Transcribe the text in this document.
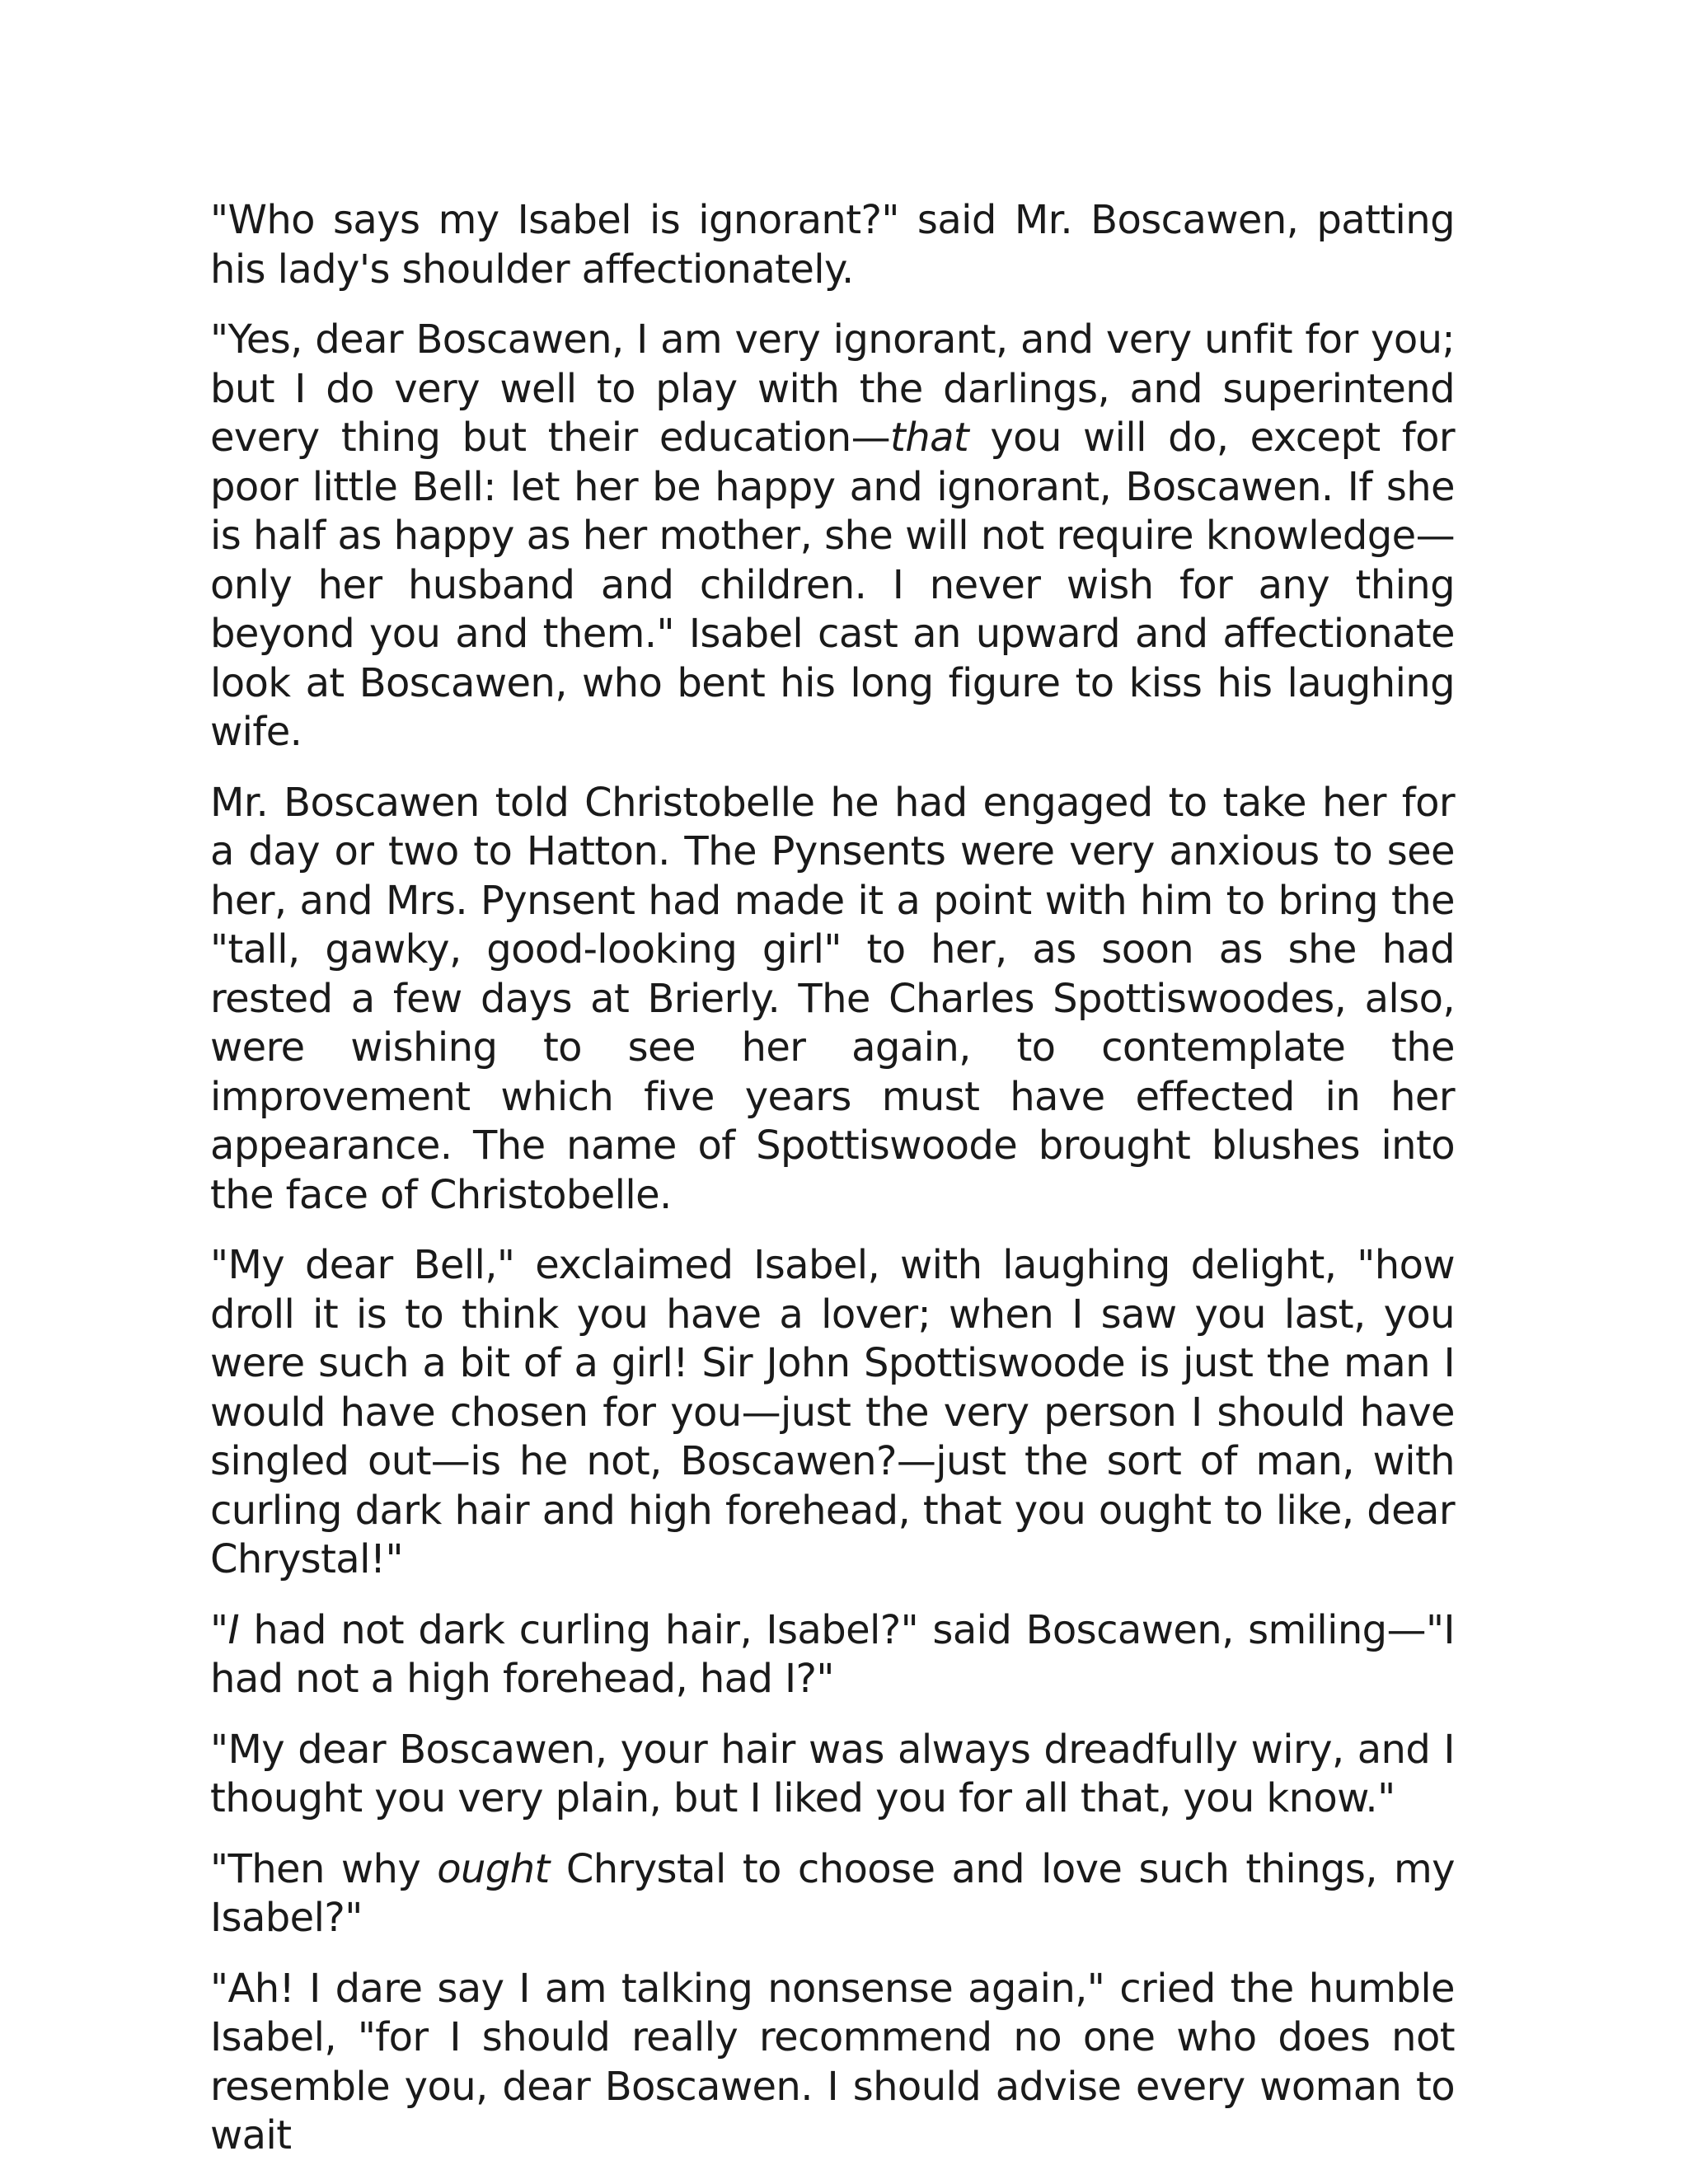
"Who says my Isabel is ignorant?" said Mr. Boscawen, patting his lady's shoulder affectionately.

"Yes, dear Boscawen, I am very ignorant, and very unfit for you; but I do very well to play with the darlings, and superintend every thing but their education—that you will do, except for poor little Bell: let her be happy and ignorant, Boscawen. If she is half as happy as her mother, she will not require knowledge—only her husband and children. I never wish for any thing beyond you and them." Isabel cast an upward and affectionate look at Boscawen, who bent his long figure to kiss his laughing wife.

Mr. Boscawen told Christobelle he had engaged to take her for a day or two to Hatton. The Pynsents were very anxious to see her, and Mrs. Pynsent had made it a point with him to bring the "tall, gawky, good-looking girl" to her, as soon as she had rested a few days at Brierly. The Charles Spottiswoodes, also, were wishing to see her again, to contemplate the improvement which five years must have effected in her appearance. The name of Spottiswoode brought blushes into the face of Christobelle.

"My dear Bell," exclaimed Isabel, with laughing delight, "how droll it is to think you have a lover; when I saw you last, you were such a bit of a girl! Sir John Spottiswoode is just the man I would have chosen for you—just the very person I should have singled out—is he not, Boscawen?—just the sort of man, with curling dark hair and high forehead, that you ought to like, dear Chrystal!"

"I had not dark curling hair, Isabel?" said Boscawen, smiling—"I had not a high forehead, had I?"

"My dear Boscawen, your hair was always dreadfully wiry, and I thought you very plain, but I liked you for all that, you know."

"Then why ought Chrystal to choose and love such things, my Isabel?"

"Ah! I dare say I am talking nonsense again," cried the humble Isabel, "for I should really recommend no one who does not resemble you, dear Boscawen. I should advise every woman to wait
